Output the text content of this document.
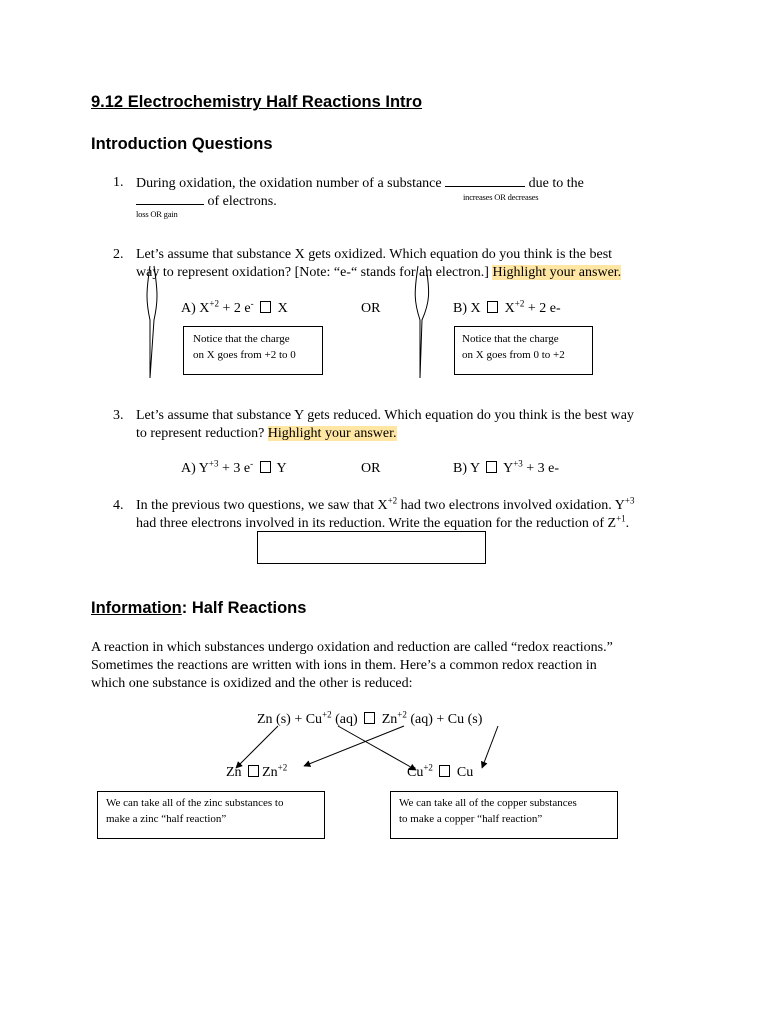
9.12 Electrochemistry Half Reactions Intro
Introduction Questions
1. During oxidation, the oxidation number of a substance	due to the
of electrons.	increases OR decreases
loss OR gain
2. Let’s assume that substance X gets oxidized. Which equation do you think is the best
way to represent oxidation? [Note: “e-“ stands for an electron.] Highlight your answer.
A) $X^{+2} + 2$ e- X	OR	B) X $X^{+2} + 2$ e-
Notice that the charge
on X goes from +2 to 0
Notice that the charge
on X goes from 0 to +2
3. Let’s assume that substance Y gets reduced. Which equation do you think is the best way
to represent reduction? Highlight your answer.
A) $Y^{+3} + 3$ e- Y	OR	B) Y $Y^{+3} + 3$ e-
4. In the previous two questions, we saw that $X^{+2}$ had two electrons involved oxidation. $Y^{+3}$
had three electrons involved in its reduction. Write the equation for the reduction of $Z^{+1}$.
Information: Half Reactions
A reaction in which substances undergo oxidation and reduction are called “redox reactions.”
Sometimes the reactions are written with ions in them. Here’s a common redox reaction in
which one substance is oxidized and the other is reduced:
Zn $(s) + Cu^{+2}$ (aq) $Zn^{+2}$ (aq) + Cu (s)
Zn $Zn^{+2}$	$Cu^{+2}$ Cu
We can take all of the zinc substances to
make a zinc “half reaction”
We can take all of the copper substances
to make a copper “half reaction”
